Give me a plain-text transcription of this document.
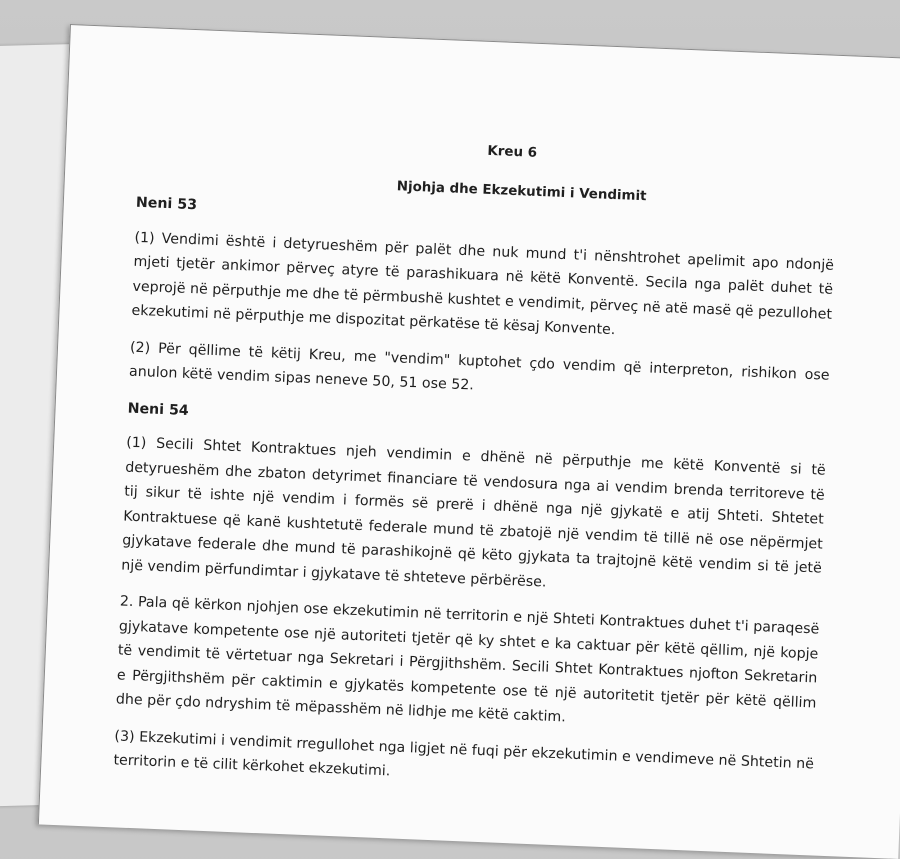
Kreu 6

Njohja dhe Ekzekutimi i Vendimit

Neni 53

(1) Vendimi është i detyrueshëm për palët dhe nuk mund t'i nënshtrohet apelimit apo ndonjë mjeti tjetër ankimor përveç atyre të parashikuara në këtë Konventë. Secila nga palët duhet të veprojë në përputhje me dhe të përmbushë kushtet e vendimit, përveç në atë masë që pezullohet ekzekutimi në përputhje me dispozitat përkatëse të kësaj Konvente.

(2) Për qëllime të këtij Kreu, me "vendim" kuptohet çdo vendim që interpreton, rishikon ose anulon këtë vendim sipas neneve 50, 51 ose 52.

Neni 54

(1) Secili Shtet Kontraktues njeh vendimin e dhënë në përputhje me këtë Konventë si të detyrueshëm dhe zbaton detyrimet financiare të vendosura nga ai vendim brenda territoreve të tij sikur të ishte një vendim i formës së prerë i dhënë nga një gjykatë e atij Shteti. Shtetet Kontraktuese që kanë kushtetutë federale mund të zbatojë një vendim të tillë në ose nëpërmjet gjykatave federale dhe mund të parashikojnë që këto gjykata ta trajtojnë këtë vendim si të jetë një vendim përfundimtar i gjykatave të shteteve përbërëse.

2. Pala që kërkon njohjen ose ekzekutimin në territorin e një Shteti Kontraktues duhet t'i paraqesë gjykatave kompetente ose një autoriteti tjetër që ky shtet e ka caktuar për këtë qëllim, një kopje të vendimit të vërtetuar nga Sekretari i Përgjithshëm. Secili Shtet Kontraktues njofton Sekretarin e Përgjithshëm për caktimin e gjykatës kompetente ose të një autoritetit tjetër për këtë qëllim dhe për çdo ndryshim të mëpasshëm në lidhje me këtë caktim.

(3) Ekzekutimi i vendimit rregullohet nga ligjet në fuqi për ekzekutimin e vendimeve në Shtetin në territorin e të cilit kërkohet ekzekutimi.
